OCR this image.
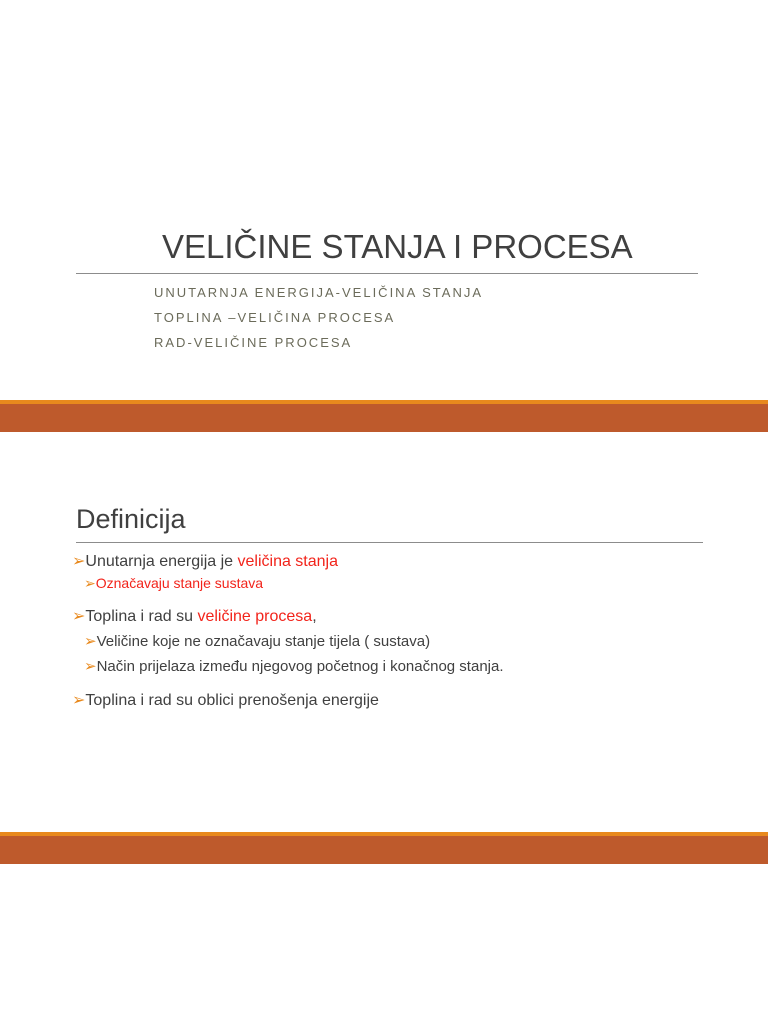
VELIČINE STANJA I PROCESA
UNUTARNJA ENERGIJA-VELIČINA STANJA
TOPLINA –VELIČINA PROCESA
RAD-VELIČINE PROCESA
Definicija
➢Unutarnja energija je veličina stanja
➢Označavaju stanje sustava
➢Toplina i rad su veličine procesa,
➢Veličine koje ne označavaju stanje tijela ( sustava)
➢Način prijelaza između njegovog početnog i konačnog stanja.
➢Toplina i rad su oblici prenošenja energije
